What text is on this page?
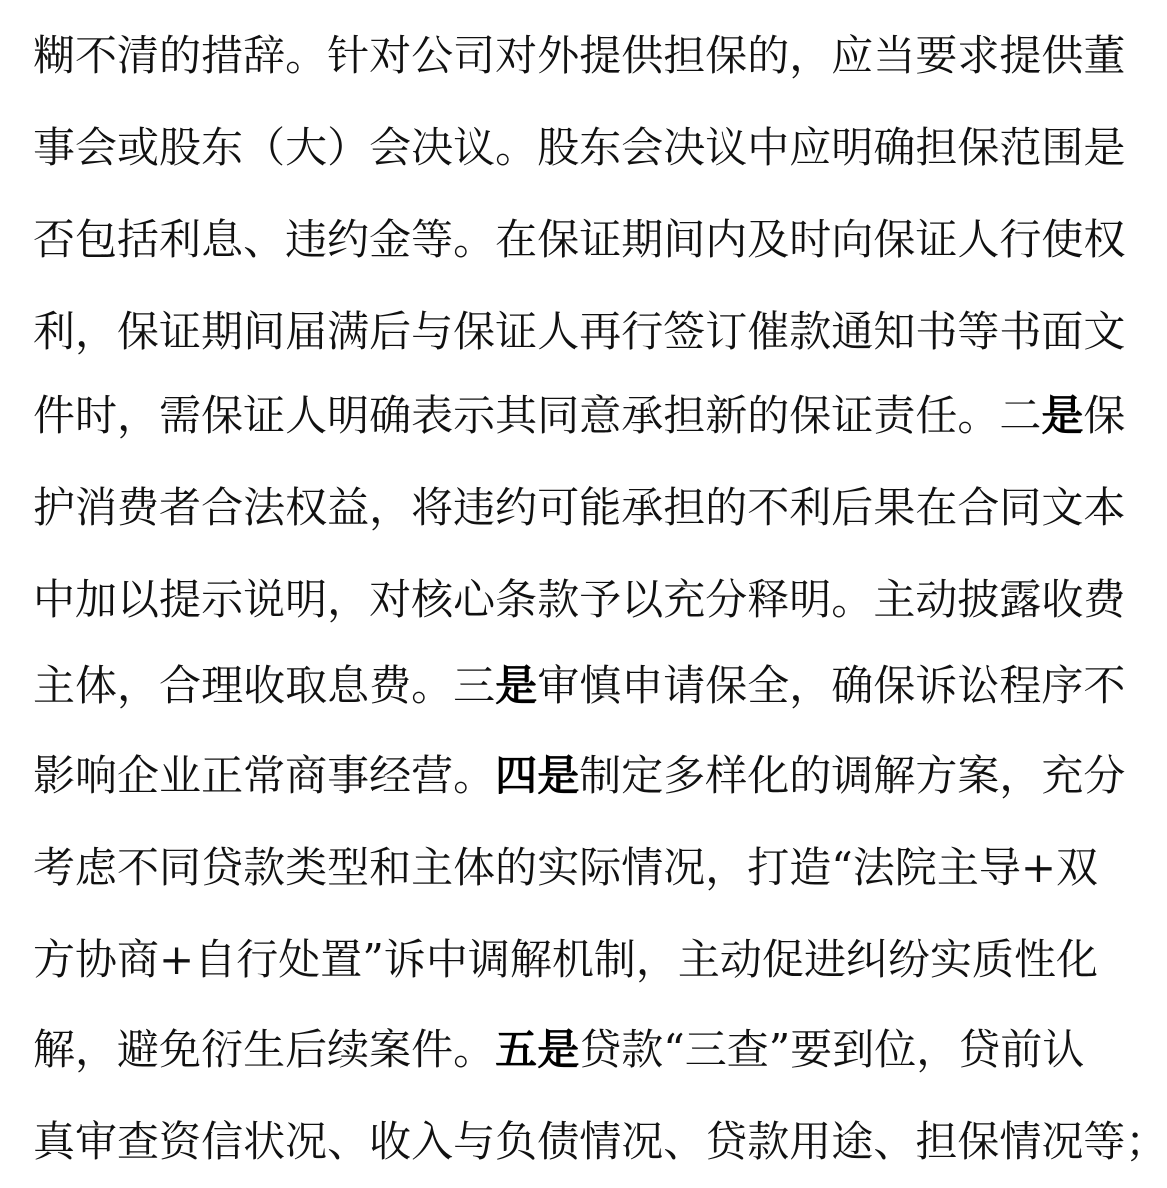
糊 不 清 的 措 辞 。 针 对 公 司 对 外 提 供 担 保 的 ， 应 当 要 求 提 供 董
事 会 或 股 东 （ 大 ） 会 决 议 。 股 东 会 决 议 中 应 明 确 担 保 范 围 是
否 包 括 利 息 、 违 约 金 等 。 在 保 证 期 间 内 及 时 向 保 证 人 行 使 权
利 ， 保 证 期 间 届 满 后 与 保 证 人 再 行 签 订 催 款 通 知 书 等 书 面 文
件 时 ， 需 保 证 人 明 确 表 示 其 同 意 承 担 新 的 保 证 责 任 。 二 是 保
护 消 费 者 合 法 权 益 ， 将 违 约 可 能 承 担 的 不 利 后 果 在 合 同 文 本
中 加 以 提 示 说 明 ， 对 核 心 条 款 予 以 充 分 释 明 。 主 动 披 露 收 费
主 体 ， 合 理 收 取 息 费 。 三 是 审 慎 申 请 保 全 ， 确 保 诉 讼 程 序 不
影 响 企 业 正 常 商 事 经 营 。 四 是 制 定 多 样 化 的 调 解 方 案 ， 充 分
考 虑 不 同 贷 款 类 型 和 主 体 的 实 际 情 况 ， 打 造 “ 法 院 主 导 + 双
方 协 商 + 自 行 处 置 ” 诉 中 调 解 机 制 ， 主 动 促 进 纠 纷 实 质 性 化
解 ， 避 免 衍 生 后 续 案 件 。 五 是 贷 款 “ 三 查 ” 要 到 位 ， 贷 前 认
真 审 查 资 信 状 况 、 收 入 与 负 债 情 况 、 贷 款 用 途 、 担 保 情 况 等 ；
